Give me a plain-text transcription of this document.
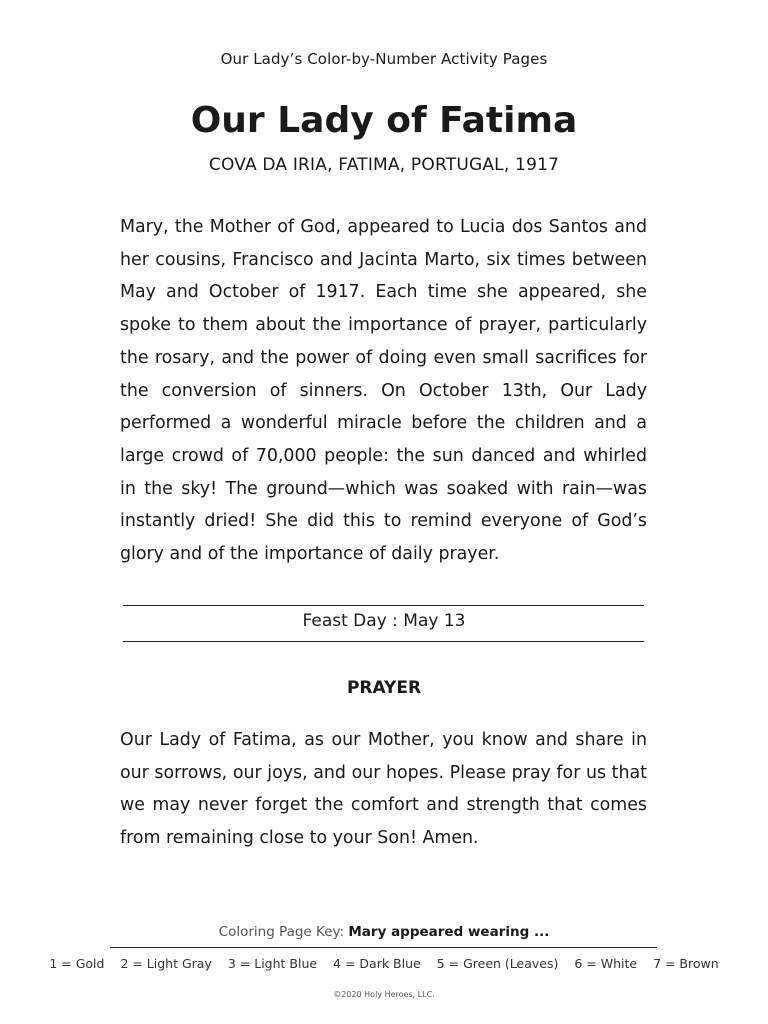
Our Lady’s Color-by-Number Activity Pages
Our Lady of Fatima
COVA DA IRIA, FATIMA, PORTUGAL, 1917
Mary, the Mother of God, appeared to Lucia dos Santos and her cousins, Francisco and Jacinta Marto, six times between May and October of 1917. Each time she appeared, she spoke to them about the importance of prayer, particularly the rosary, and the power of doing even small sacrifices for the conversion of sinners. On October 13th, Our Lady performed a wonderful miracle before the children and a large crowd of 70,000 people: the sun danced and whirled in the sky! The ground—which was soaked with rain—was instantly dried! She did this to remind everyone of God’s glory and of the importance of daily prayer.
Feast Day : May 13
PRAYER
Our Lady of Fatima, as our Mother, you know and share in our sorrows, our joys, and our hopes. Please pray for us that we may never forget the comfort and strength that comes from remaining close to your Son! Amen.
Coloring Page Key: Mary appeared wearing ...
1 = Gold 2 = Light Gray 3 = Light Blue 4 = Dark Blue 5 = Green (Leaves) 6 = White 7 = Brown
©2020 Holy Heroes, LLC.
